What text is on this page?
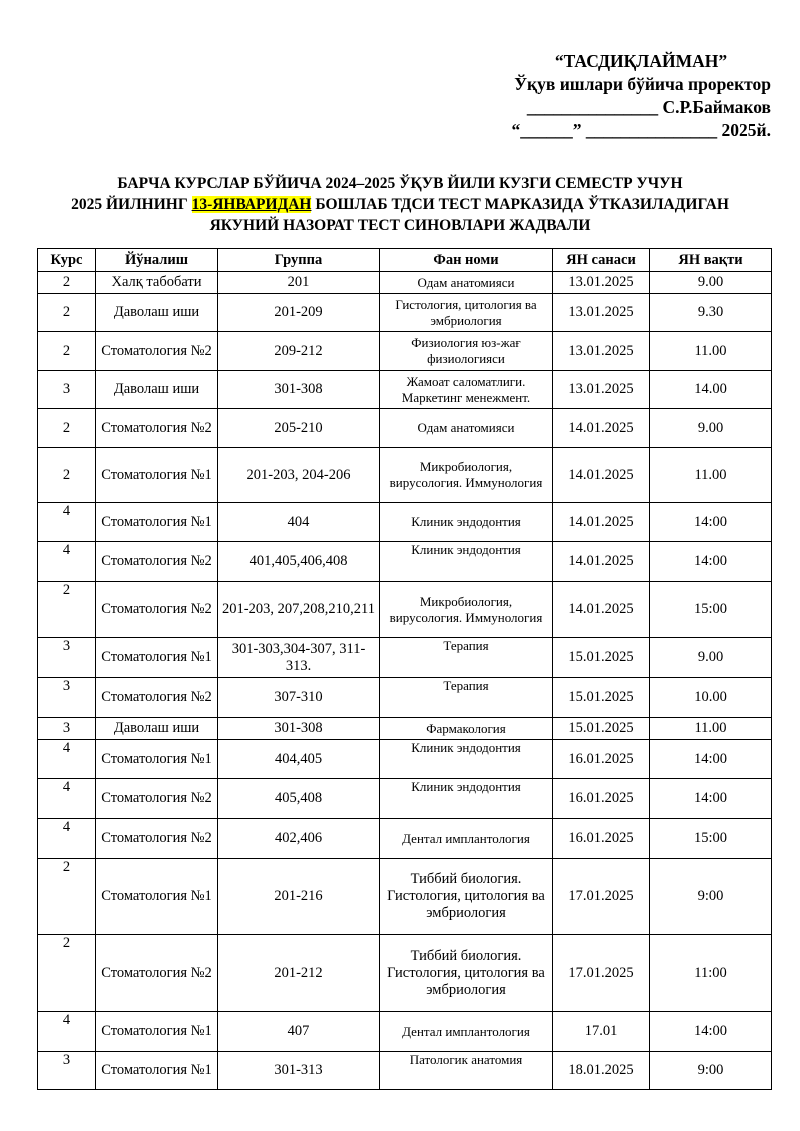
“ТАСДИҚЛАЙМАН”
Ўқув ишлари бўйича проректор
_______________ С.Р.Баймаков
“______” _______________ 2025й.
БАРЧА КУРСЛАР БЎЙИЧА 2024–2025 ЎҚУВ ЙИЛИ КУЗГИ СЕМЕСТР УЧУН
2025 ЙИЛНИНГ 13-ЯНВАРИДАН БОШЛАБ ТДСИ ТЕСТ МАРКАЗИДА ЎТКАЗИЛАДИГАН
ЯКУНИЙ НАЗОРАТ ТЕСТ СИНОВЛАРИ ЖАДВАЛИ
Курс	Йўналиш	Группа	Фан номи	ЯН санаси	ЯН вақти
2	Халқ табобати	201	Одам анатомияси	13.01.2025	9.00
2	Даволаш иши	201-209	Гистология, цитология ва эмбриология	13.01.2025	9.30
2	Стоматология №2	209-212	Физиология юз-жағ физиологияси	13.01.2025	11.00
3	Даволаш иши	301-308	Жамоат саломатлиги. Маркетинг менежмент.	13.01.2025	14.00
2	Стоматология №2	205-210	Одам анатомияси	14.01.2025	9.00
2	Стоматология №1	201-203, 204-206	Микробиология, вирусология. Иммунология	14.01.2025	11.00
4	Стоматология №1	404	Клиник эндодонтия	14.01.2025	14:00
4	Стоматология №2	401,405,406,408	Клиник эндодонтия	14.01.2025	14:00
2	Стоматология №2	201-203, 207,208,210,211	Микробиология, вирусология. Иммунология	14.01.2025	15:00
3	Стоматология №1	301-303,304-307, 311-313.	Терапия	15.01.2025	9.00
3	Стоматология №2	307-310	Терапия	15.01.2025	10.00
3	Даволаш иши	301-308	Фармакология	15.01.2025	11.00
4	Стоматология №1	404,405	Клиник эндодонтия	16.01.2025	14:00
4	Стоматология №2	405,408	Клиник эндодонтия	16.01.2025	14:00
4	Стоматология №2	402,406	Дентал имплантология	16.01.2025	15:00
2	Стоматология №1	201-216	Тиббий биология. Гистология, цитология ва эмбриология	17.01.2025	9:00
2	Стоматология №2	201-212	Тиббий биология. Гистология, цитология ва эмбриология	17.01.2025	11:00
4	Стоматология №1	407	Дентал имплантология	17.01	14:00
3	Стоматология №1	301-313	Патологик анатомия	18.01.2025	9:00
